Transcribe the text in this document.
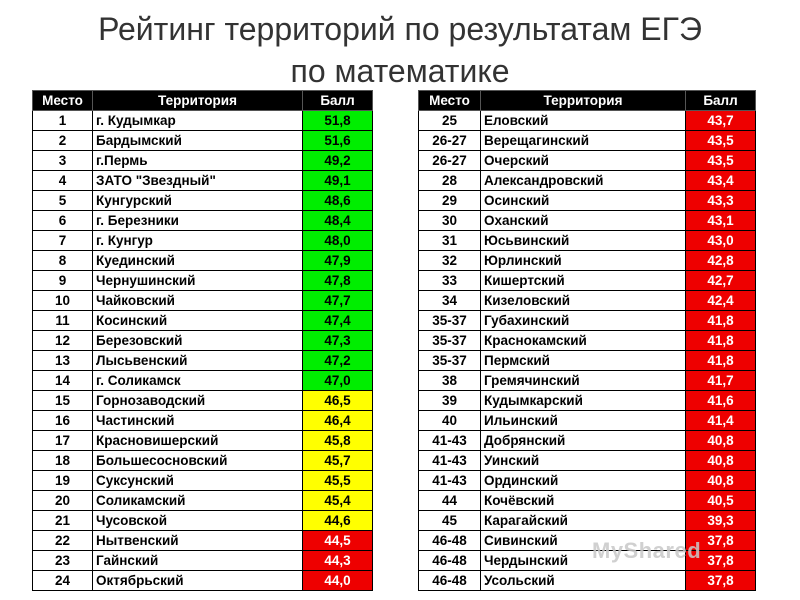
Рейтинг территорий по результатам ЕГЭ
по математике
Место	Территория	Балл
1	г. Кудымкар	51,8
2	Бардымский	51,6
3	г.Пермь	49,2
4	ЗАТО "Звездный"	49,1
5	Кунгурский	48,6
6	г. Березники	48,4
7	г. Кунгур	48,0
8	Куединский	47,9
9	Чернушинский	47,8
10	Чайковский	47,7
11	Косинский	47,4
12	Березовский	47,3
13	Лысьвенский	47,2
14	г. Соликамск	47,0
15	Горнозаводский	46,5
16	Частинский	46,4
17	Красновишерский	45,8
18	Большесосновский	45,7
19	Суксунский	45,5
20	Соликамский	45,4
21	Чусовской	44,6
22	Нытвенский	44,5
23	Гайнский	44,3
24	Октябрьский	44,0
Место	Территория	Балл
25	Еловский	43,7
26-27	Верещагинский	43,5
26-27	Очерский	43,5
28	Александровский	43,4
29	Осинский	43,3
30	Оханский	43,1
31	Юсьвинский	43,0
32	Юрлинский	42,8
33	Кишертский	42,7
34	Кизеловский	42,4
35-37	Губахинский	41,8
35-37	Краснокамский	41,8
35-37	Пермский	41,8
38	Гремячинский	41,7
39	Кудымкарский	41,6
40	Ильинский	41,4
41-43	Добрянский	40,8
41-43	Уинский	40,8
41-43	Ординский	40,8
44	Кочёвский	40,5
45	Карагайский	39,3
46-48	Сивинский	37,8
46-48	Чердынский	37,8
46-48	Усольский	37,8
MyShared
